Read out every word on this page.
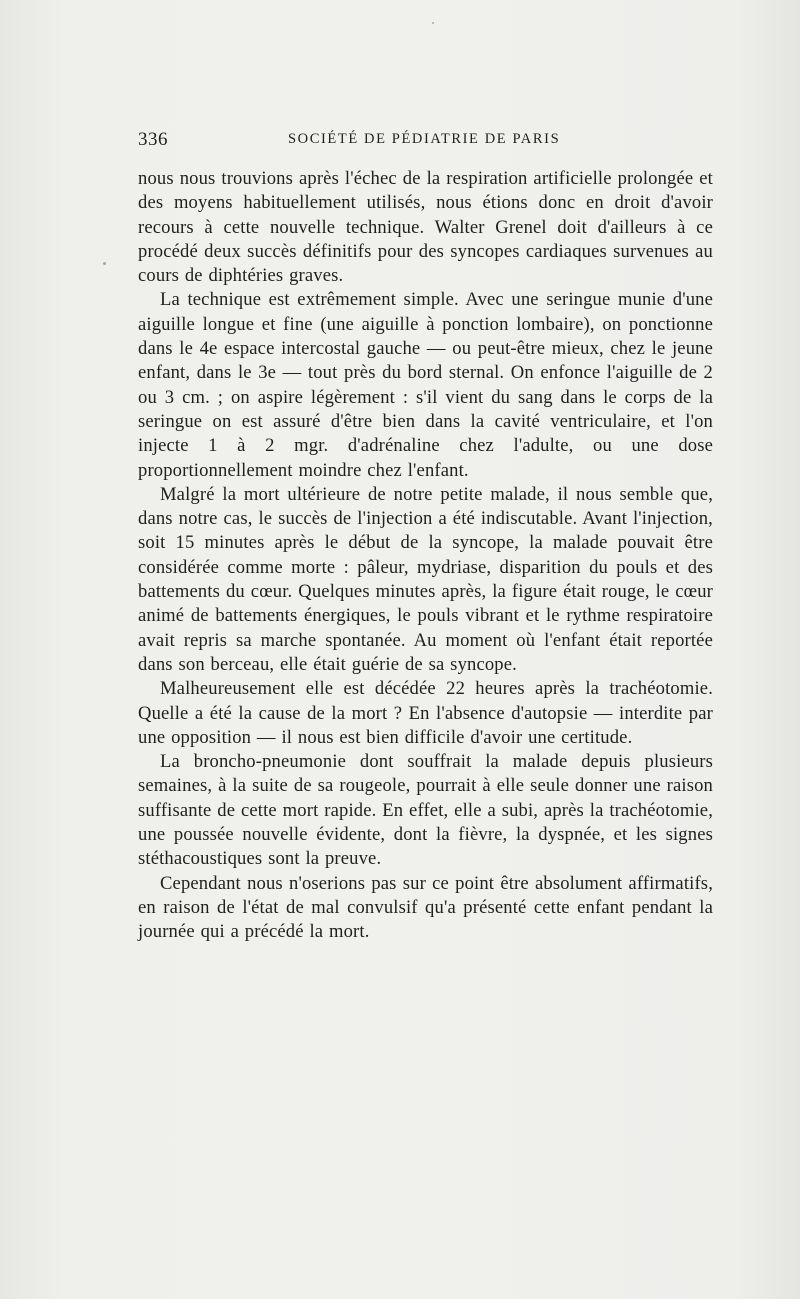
336	SOCIÉTÉ DE PÉDIATRIE DE PARIS

nous nous trouvions après l'échec de la respiration artificielle prolongée et des moyens habituellement utilisés, nous étions donc en droit d'avoir recours à cette nouvelle technique. Walter Grenel doit d'ailleurs à ce procédé deux succès définitifs pour des syncopes cardiaques survenues au cours de diphtéries graves.

La technique est extrêmement simple. Avec une seringue munie d'une aiguille longue et fine (une aiguille à ponction lombaire), on ponctionne dans le 4e espace intercostal gauche — ou peut-être mieux, chez le jeune enfant, dans le 3e — tout près du bord sternal. On enfonce l'aiguille de 2 ou 3 cm. ; on aspire légèrement : s'il vient du sang dans le corps de la seringue on est assuré d'être bien dans la cavité ventriculaire, et l'on injecte 1 à 2 mgr. d'adrénaline chez l'adulte, ou une dose proportionnellement moindre chez l'enfant.

Malgré la mort ultérieure de notre petite malade, il nous semble que, dans notre cas, le succès de l'injection a été indiscutable. Avant l'injection, soit 15 minutes après le début de la syncope, la malade pouvait être considérée comme morte : pâleur, mydriase, disparition du pouls et des battements du cœur. Quelques minutes après, la figure était rouge, le cœur animé de battements énergiques, le pouls vibrant et le rythme respiratoire avait repris sa marche spontanée. Au moment où l'enfant était reportée dans son berceau, elle était guérie de sa syncope.

Malheureusement elle est décédée 22 heures après la trachéotomie. Quelle a été la cause de la mort ? En l'absence d'autopsie — interdite par une opposition — il nous est bien difficile d'avoir une certitude.

La broncho-pneumonie dont souffrait la malade depuis plusieurs semaines, à la suite de sa rougeole, pourrait à elle seule donner une raison suffisante de cette mort rapide. En effet, elle a subi, après la trachéotomie, une poussée nouvelle évidente, dont la fièvre, la dyspnée, et les signes stéthacoustiques sont la preuve.

Cependant nous n'oserions pas sur ce point être absolument affirmatifs, en raison de l'état de mal convulsif qu'a présenté cette enfant pendant la journée qui a précédé la mort.
